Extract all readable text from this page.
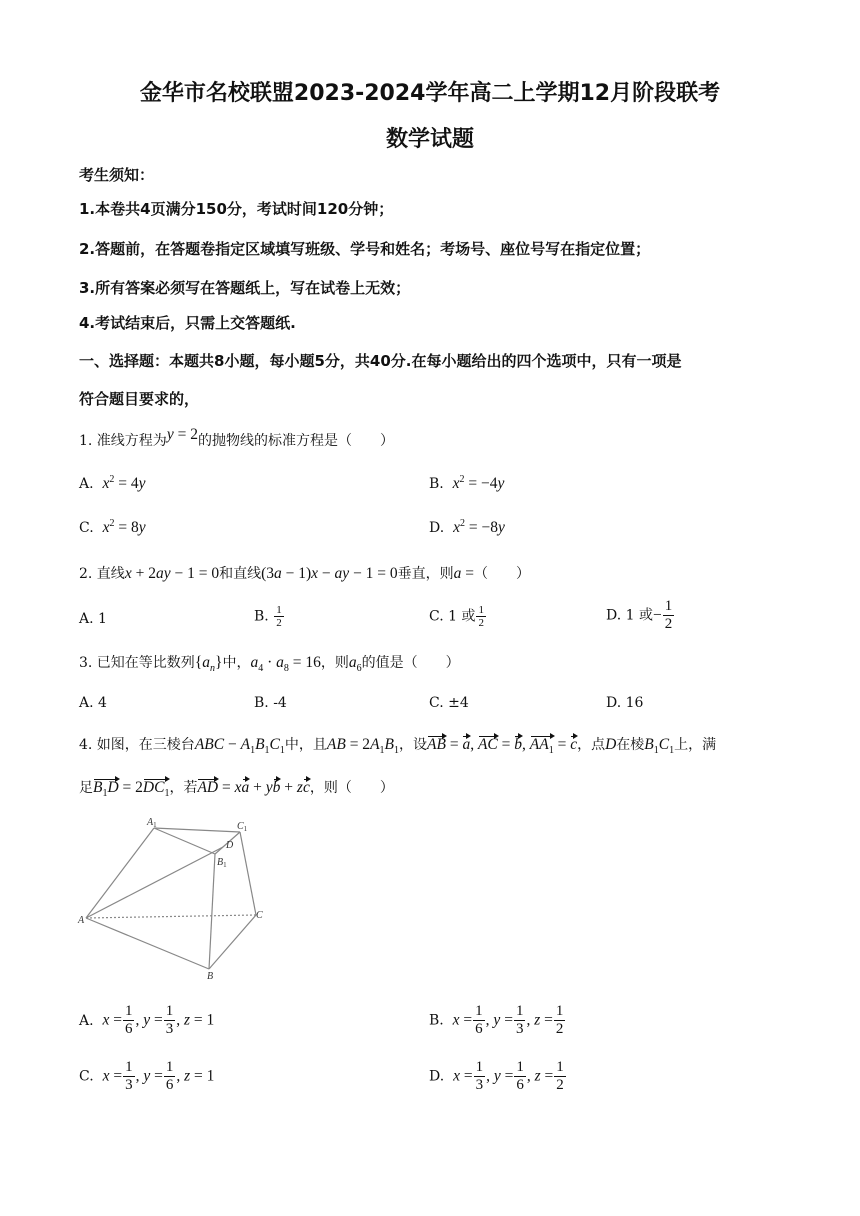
金华市名校联盟2023-2024学年高二上学期12月阶段联考
数学试题
考生须知：
1.本卷共4页满分150分，考试时间120分钟；
2.答题前，在答题卷指定区域填写班级、学号和姓名；考场号、座位号写在指定位置；
3.所有答案必须写在答题纸上，写在试卷上无效；
4.考试结束后，只需上交答题纸.
一、选择题：本题共8小题，每小题5分，共40分.在每小题给出的四个选项中，只有一项是
符合题目要求的，
1. 准线方程为y = 2的抛物线的标准方程是（　　）
A. $x^2 = 4y$	B. $x^2 = -4y$
C. $x^2 = 8y$	D. $x^2 = -8y$
2. 直线x + 2ay − 1 = 0和直线(3a − 1)x − ay − 1 = 0垂直，则a =（　　）
A. 1	B. $\frac{1}{2}$	C. 1 或 $\frac{1}{2}$	D. 1 或− $\frac{1}{2}$
3. 已知在等比数列$\{a_n\}$中，$a_4 \cdot a_8 = 16$，则$a_6$的值是（　　）
A. 4	B. -4	C. ±4	D. 16
4. 如图，在三棱台ABC − $A_1B_1C_1$中，且AB = $2A_1B_1$，设AB = a, AC = b, $AA_1 = c$，点D在棱$B_1C_1$上，满
足$B_1D = 2DC_1$，若AD = xa + yb + zc，则（　　）
$A_1$	$C_1$
D
$B_1$
A	C
B
A. $x = \frac{1}{6}$ , $y = \frac{1}{3}$ , z = 1	B. $x = \frac{1}{6}$ , $y = \frac{1}{3}$ , $z = \frac{1}{2}$
C. $x = \frac{1}{3}$ , $y = \frac{1}{6}$ , z = 1	D. $x = \frac{1}{3}$ , $y = \frac{1}{6}$ , $z = \frac{1}{2}$
